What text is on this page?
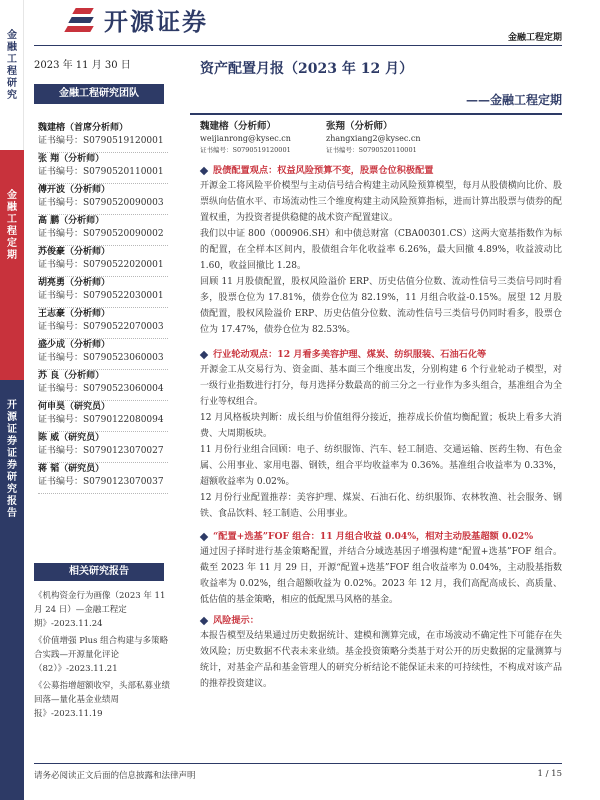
金融工程研究
金融工程定期
开源证券 证券研究报告
开源证券
金融工程定期
2023 年 11 月 30 日
金融工程研究团队
魏建榕（首席分析师）
证书编号：S0790519120001
张 翔（分析师）
证书编号：S0790520110001
傅开波（分析师）
证书编号：S0790520090003
高 鹏（分析师）
证书编号：S0790520090002
苏俊豪（分析师）
证书编号：S0790522020001
胡亮勇（分析师）
证书编号：S0790522030001
王志豪（分析师）
证书编号：S0790522070003
盛少成（分析师）
证书编号：S0790523060003
苏 良（分析师）
证书编号：S0790523060004
何申昊（研究员）
证书编号：S0790122080094
陈 威（研究员）
证书编号：S0790123070027
蒋 韬（研究员）
证书编号：S0790123070037
相关研究报告

《机构资金行为画像（2023 年 11 月 24 日）—金融工程定期》-2023.11.24

《价值增强 Plus 组合构建与多策略合实践—开源量化评论（82）》-2023.11.21

《公募指增超额收窄，头部私募业绩回落—量化基金业绩周报》-2023.11.19

资产配置月报（2023 年 12 月）
——金融工程定期
魏建榕（分析师）
weijianrong@kysec.cn
证书编号：S0790519120001
张翔（分析师）
zhangxiang2@kysec.cn
证书编号：S0790520110001
股债配置观点：权益风险预算不变，股票仓位积极配置
开源金工将风险平价模型与主动信号结合构建主动风险预算模型，每月从股债横向比价、股票纵向估值水平、市场流动性三个维度构建主动风险预算指标，进而计算出股票与债券的配置权重，为投资者提供稳健的战术资产配置建议。
我们以中证 800（000906.SH）和中债总财富（CBA00301.CS）这两大宽基指数作为标的配置，在全样本区间内，股债组合年化收益率 6.26%，最大回撤 4.89%，收益波动比 1.60，收益回撤比 1.28。
回顾 11 月股债配置，股权风险溢价 ERP、历史估值分位数、流动性信号三类信号同时看多，股票仓位为 17.81%，债券仓位为 82.19%，11 月组合收益-0.15%。展望 12 月股债配置，股权风险溢价 ERP、历史估值分位数、流动性信号三类信号仍同时看多，股票仓位为 17.47%，债券仓位为 82.53%。
行业轮动观点：12 月看多美容护理、煤炭、纺织服装、石油石化等
开源金工从交易行为、资金面、基本面三个维度出发，分别构建 6 个行业轮动子模型，对一级行业指数进行打分，每月选择分数最高的前三分之一行业作为多头组合，基准组合为全行业等权组合。
12 月风格板块判断：成长组与价值组得分接近，推荐成长价值均衡配置；板块上看多大消费、大周期板块。
11 月份行业组合回顾：电子、纺织服饰、汽车、轻工制造、交通运输、医药生物、有色金属、公用事业、家用电器、钢铁，组合平均收益率为 0.36%。基准组合收益率为 0.33%，超额收益率为 0.02%。
12 月份行业配置推荐：美容护理、煤炭、石油石化、纺织服饰、农林牧渔、社会服务、钢铁、食品饮料、轻工制造、公用事业。
“配置+选基”FOF 组合：11 月组合收益 0.04%，相对主动股基超额 0.02%
通过因子择时进行基金策略配置，并结合分域选基因子增强构建“配置+选基”FOF 组合。截至 2023 年 11 月 29 日，开源“配置+选基”FOF 组合收益率为 0.04%，主动股基指数收益率为 0.02%，组合超额收益为 0.02%。2023 年 12 月，我们高配高成长、高质量、低估值的基金策略，相应的低配黑马风格的基金。
风险提示：
本报告模型及结果通过历史数据统计、建模和测算完成，在市场波动不确定性下可能存在失效风险；历史数据不代表未来业绩。基金投资策略分类基于对公开的历史数据的定量测算与统计，对基金产品和基金管理人的研究分析结论不能保证未来的可持续性，不构成对该产品的推荐投资建议。
请务必阅读正文后面的信息披露和法律声明	1 / 15
